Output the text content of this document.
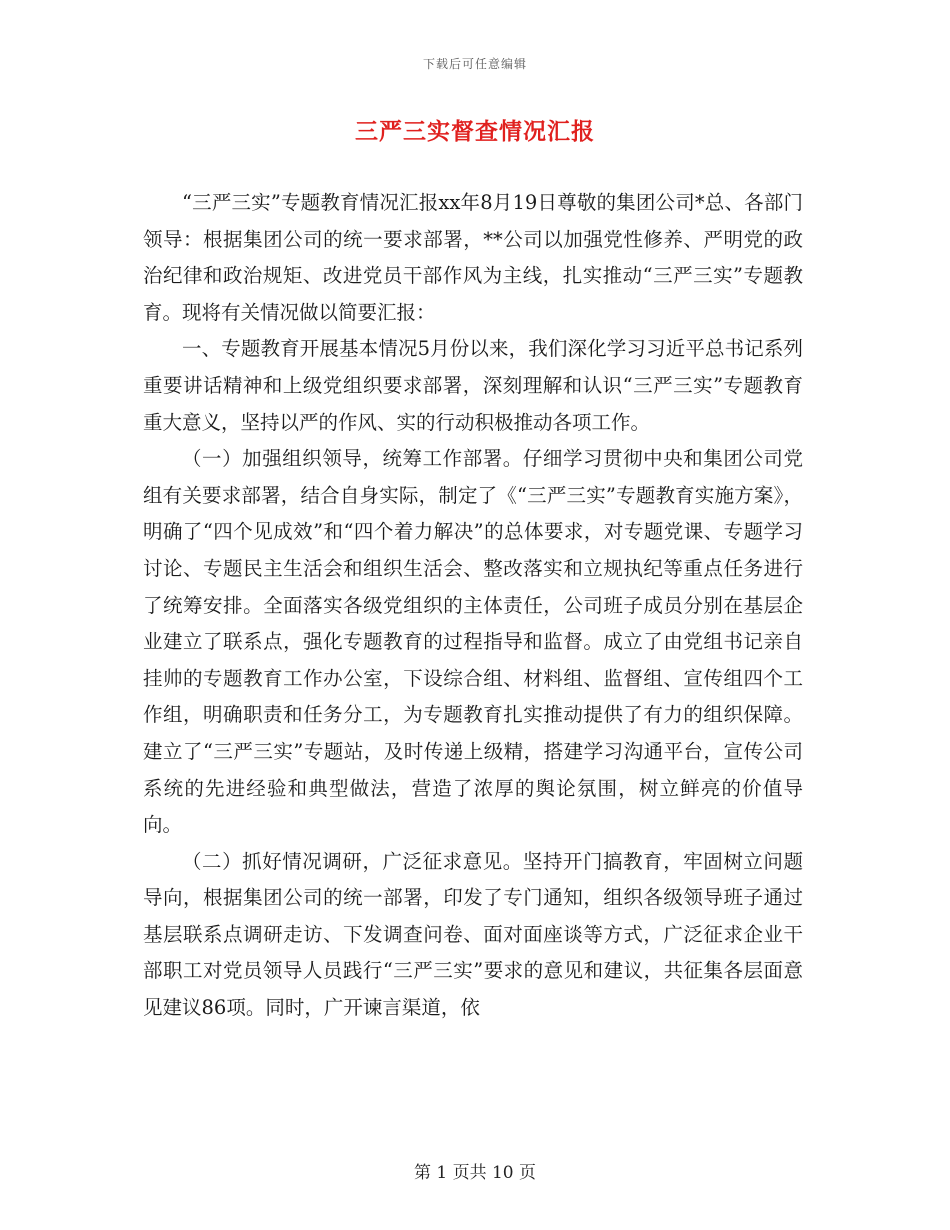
下载后可任意编辑
三严三实督查情况汇报

“三严三实”专题教育情况汇报xx年8月19日尊敬的集团公司*总、各部门领导：根据集团公司的统一要求部署，**公司以加强党性修养、严明党的政治纪律和政治规矩、改进党员干部作风为主线，扎实推动“三严三实”专题教育。现将有关情况做以简要汇报：

一、专题教育开展基本情况5月份以来，我们深化学习习近平总书记系列重要讲话精神和上级党组织要求部署，深刻理解和认识“三严三实”专题教育重大意义，坚持以严的作风、实的行动积极推动各项工作。

（一）加强组织领导，统筹工作部署。仔细学习贯彻中央和集团公司党组有关要求部署，结合自身实际，制定了《“三严三实”专题教育实施方案》，明确了“四个见成效”和“四个着力解决”的总体要求，对专题党课、专题学习讨论、专题民主生活会和组织生活会、整改落实和立规执纪等重点任务进行了统筹安排。全面落实各级党组织的主体责任，公司班子成员分别在基层企业建立了联系点，强化专题教育的过程指导和监督。成立了由党组书记亲自挂帅的专题教育工作办公室，下设综合组、材料组、监督组、宣传组四个工作组，明确职责和任务分工，为专题教育扎实推动提供了有力的组织保障。建立了“三严三实”专题站，及时传递上级精，搭建学习沟通平台，宣传公司系统的先进经验和典型做法，营造了浓厚的舆论氛围，树立鲜亮的价值导向。

（二）抓好情况调研，广泛征求意见。坚持开门搞教育，牢固树立问题导向，根据集团公司的统一部署，印发了专门通知，组织各级领导班子通过基层联系点调研走访、下发调查问卷、面对面座谈等方式，广泛征求企业干部职工对党员领导人员践行“三严三实”要求的意见和建议，共征集各层面意见建议86项。同时，广开谏言渠道，依

第 1 页共 10 页
